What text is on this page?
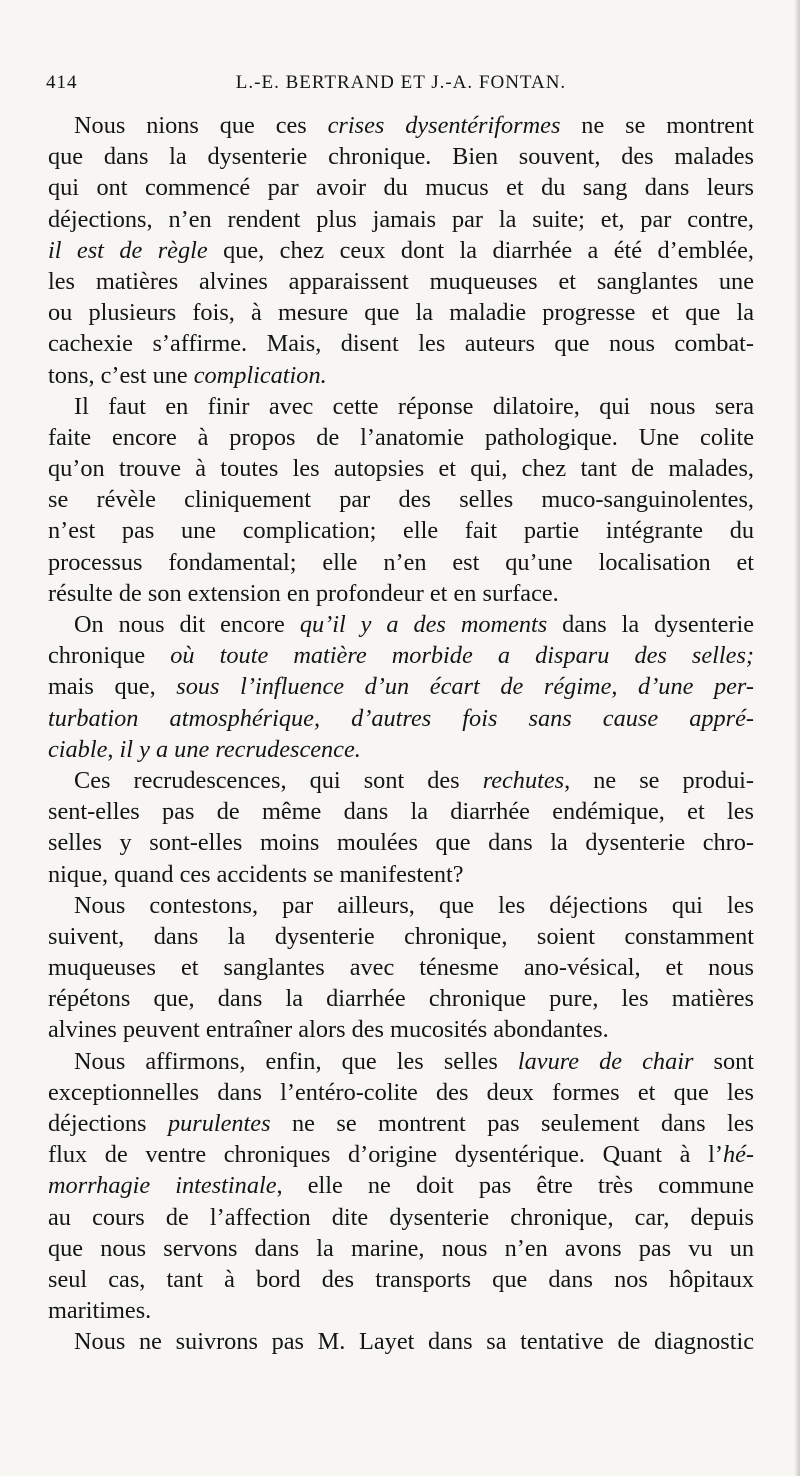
414	L.-E. BERTRAND ET J.-A. FONTAN.
Nous nions que ces crises dysentériformes ne se montrent
que dans la dysenterie chronique. Bien souvent, des malades
qui ont commencé par avoir du mucus et du sang dans leurs
déjections, n’en rendent plus jamais par la suite; et, par contre,
il est de règle que, chez ceux dont la diarrhée a été d’emblée,
les matières alvines apparaissent muqueuses et sanglantes une
ou plusieurs fois, à mesure que la maladie progresse et que la
cachexie s’affirme. Mais, disent les auteurs que nous combat-
tons, c’est une complication.
Il faut en finir avec cette réponse dilatoire, qui nous sera
faite encore à propos de l’anatomie pathologique. Une colite
qu’on trouve à toutes les autopsies et qui, chez tant de malades,
se révèle cliniquement par des selles muco-sanguinolentes,
n’est pas une complication; elle fait partie intégrante du
processus fondamental; elle n’en est qu’une localisation et
résulte de son extension en profondeur et en surface.
On nous dit encore qu’il y a des moments dans la dysenterie
chronique où toute matière morbide a disparu des selles;
mais que, sous l’influence d’un écart de régime, d’une per-
turbation atmosphérique, d’autres fois sans cause appré-
ciable, il y a une recrudescence.
Ces recrudescences, qui sont des rechutes, ne se produi-
sent-elles pas de même dans la diarrhée endémique, et les
selles y sont-elles moins moulées que dans la dysenterie chro-
nique, quand ces accidents se manifestent?
Nous contestons, par ailleurs, que les déjections qui les
suivent, dans la dysenterie chronique, soient constamment
muqueuses et sanglantes avec ténesme ano-vésical, et nous
répétons que, dans la diarrhée chronique pure, les matières
alvines peuvent entraîner alors des mucosités abondantes.
Nous affirmons, enfin, que les selles lavure de chair sont
exceptionnelles dans l’entéro-colite des deux formes et que les
déjections purulentes ne se montrent pas seulement dans les
flux de ventre chroniques d’origine dysentérique. Quant à l’hé-
morrhagie intestinale, elle ne doit pas être très commune
au cours de l’affection dite dysenterie chronique, car, depuis
que nous servons dans la marine, nous n’en avons pas vu un
seul cas, tant à bord des transports que dans nos hôpitaux
maritimes.
Nous ne suivrons pas M. Layet dans sa tentative de diagnostic
